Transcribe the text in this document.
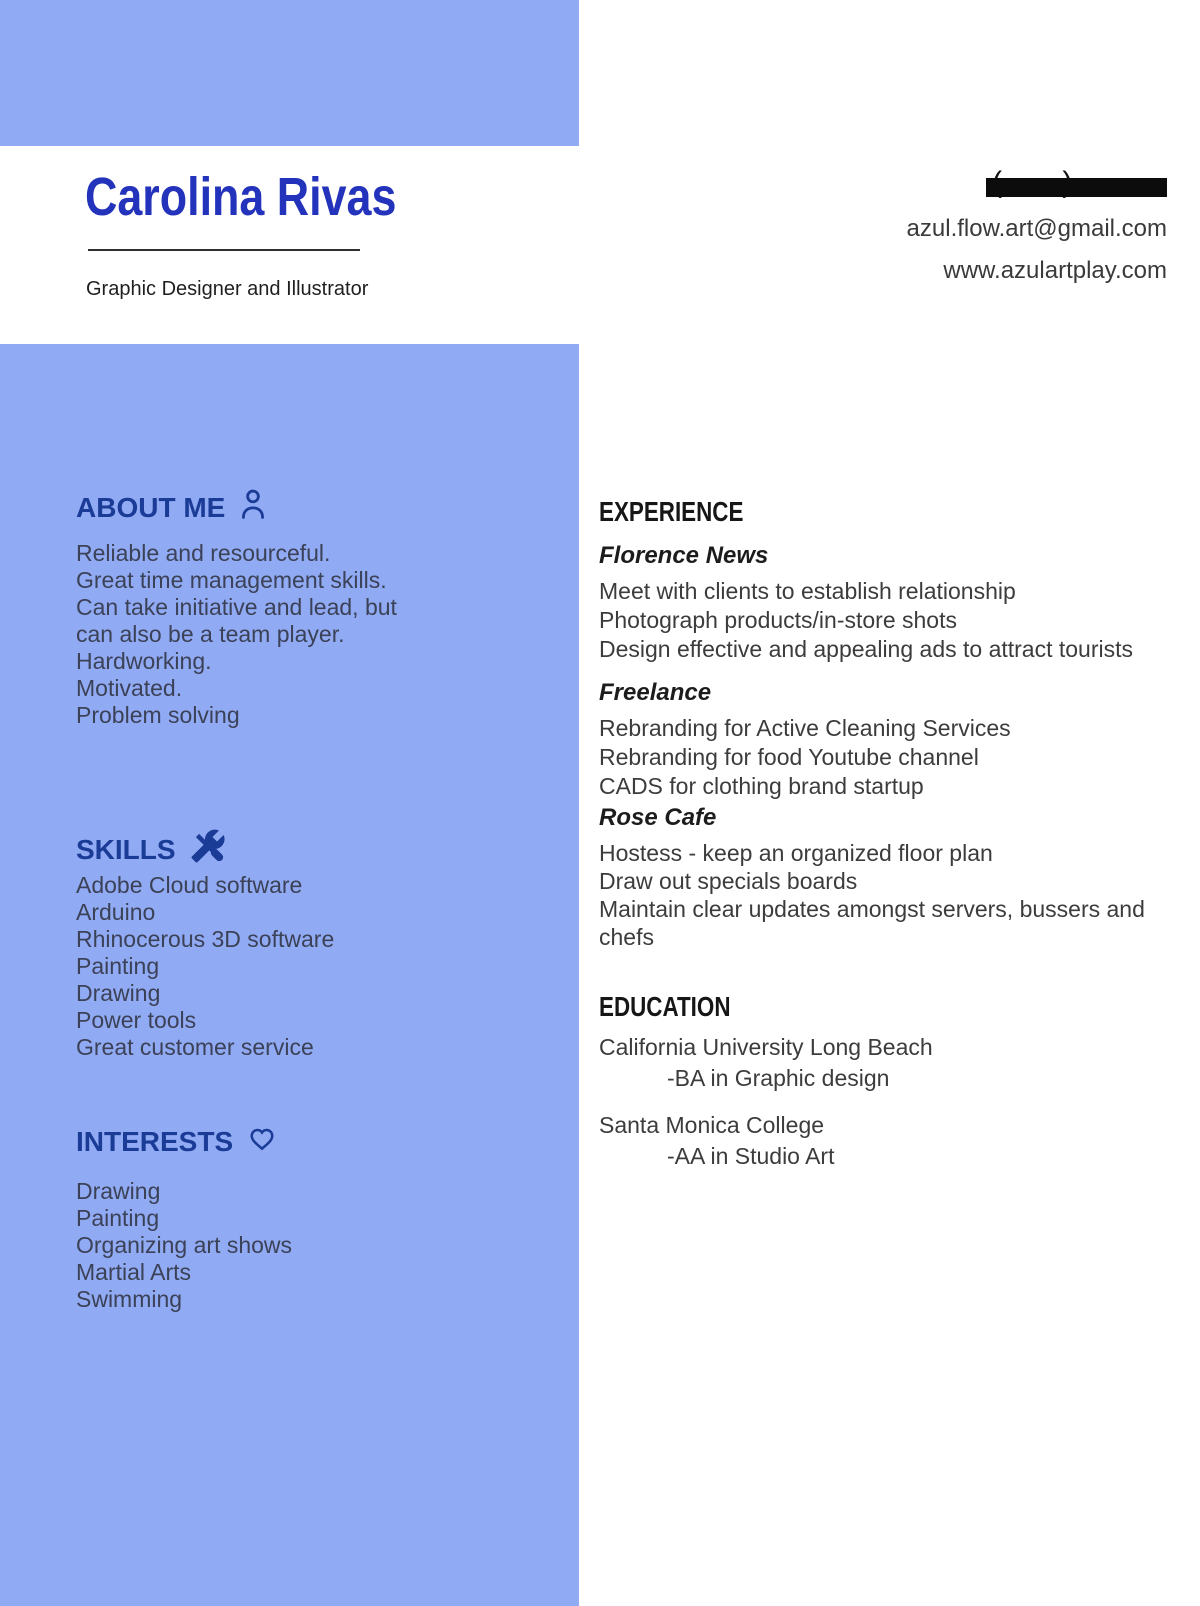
Carolina Rivas
Graphic Designer and Illustrator
azul.flow.art@gmail.com
www.azulartplay.com
ABOUT ME
Reliable and resourceful.
Great time management skills.
Can take initiative and lead, but
can also be a team player.
Hardworking.
Motivated.
Problem solving
SKILLS
Adobe Cloud software
Arduino
Rhinocerous 3D software
Painting
Drawing
Power tools
Great customer service
INTERESTS
Drawing
Painting
Organizing art shows
Martial Arts
Swimming
EXPERIENCE
Florence News
Meet with clients to establish relationship
Photograph products/in-store shots
Design effective and appealing ads to attract tourists
Freelance
Rebranding for Active Cleaning Services
Rebranding for food Youtube channel
CADS for clothing brand startup
Rose Cafe
Hostess - keep an organized floor plan
Draw out specials boards
Maintain clear updates amongst servers, bussers and
chefs
EDUCATION
California University Long Beach
-BA in Graphic design
Santa Monica College
-AA in Studio Art
